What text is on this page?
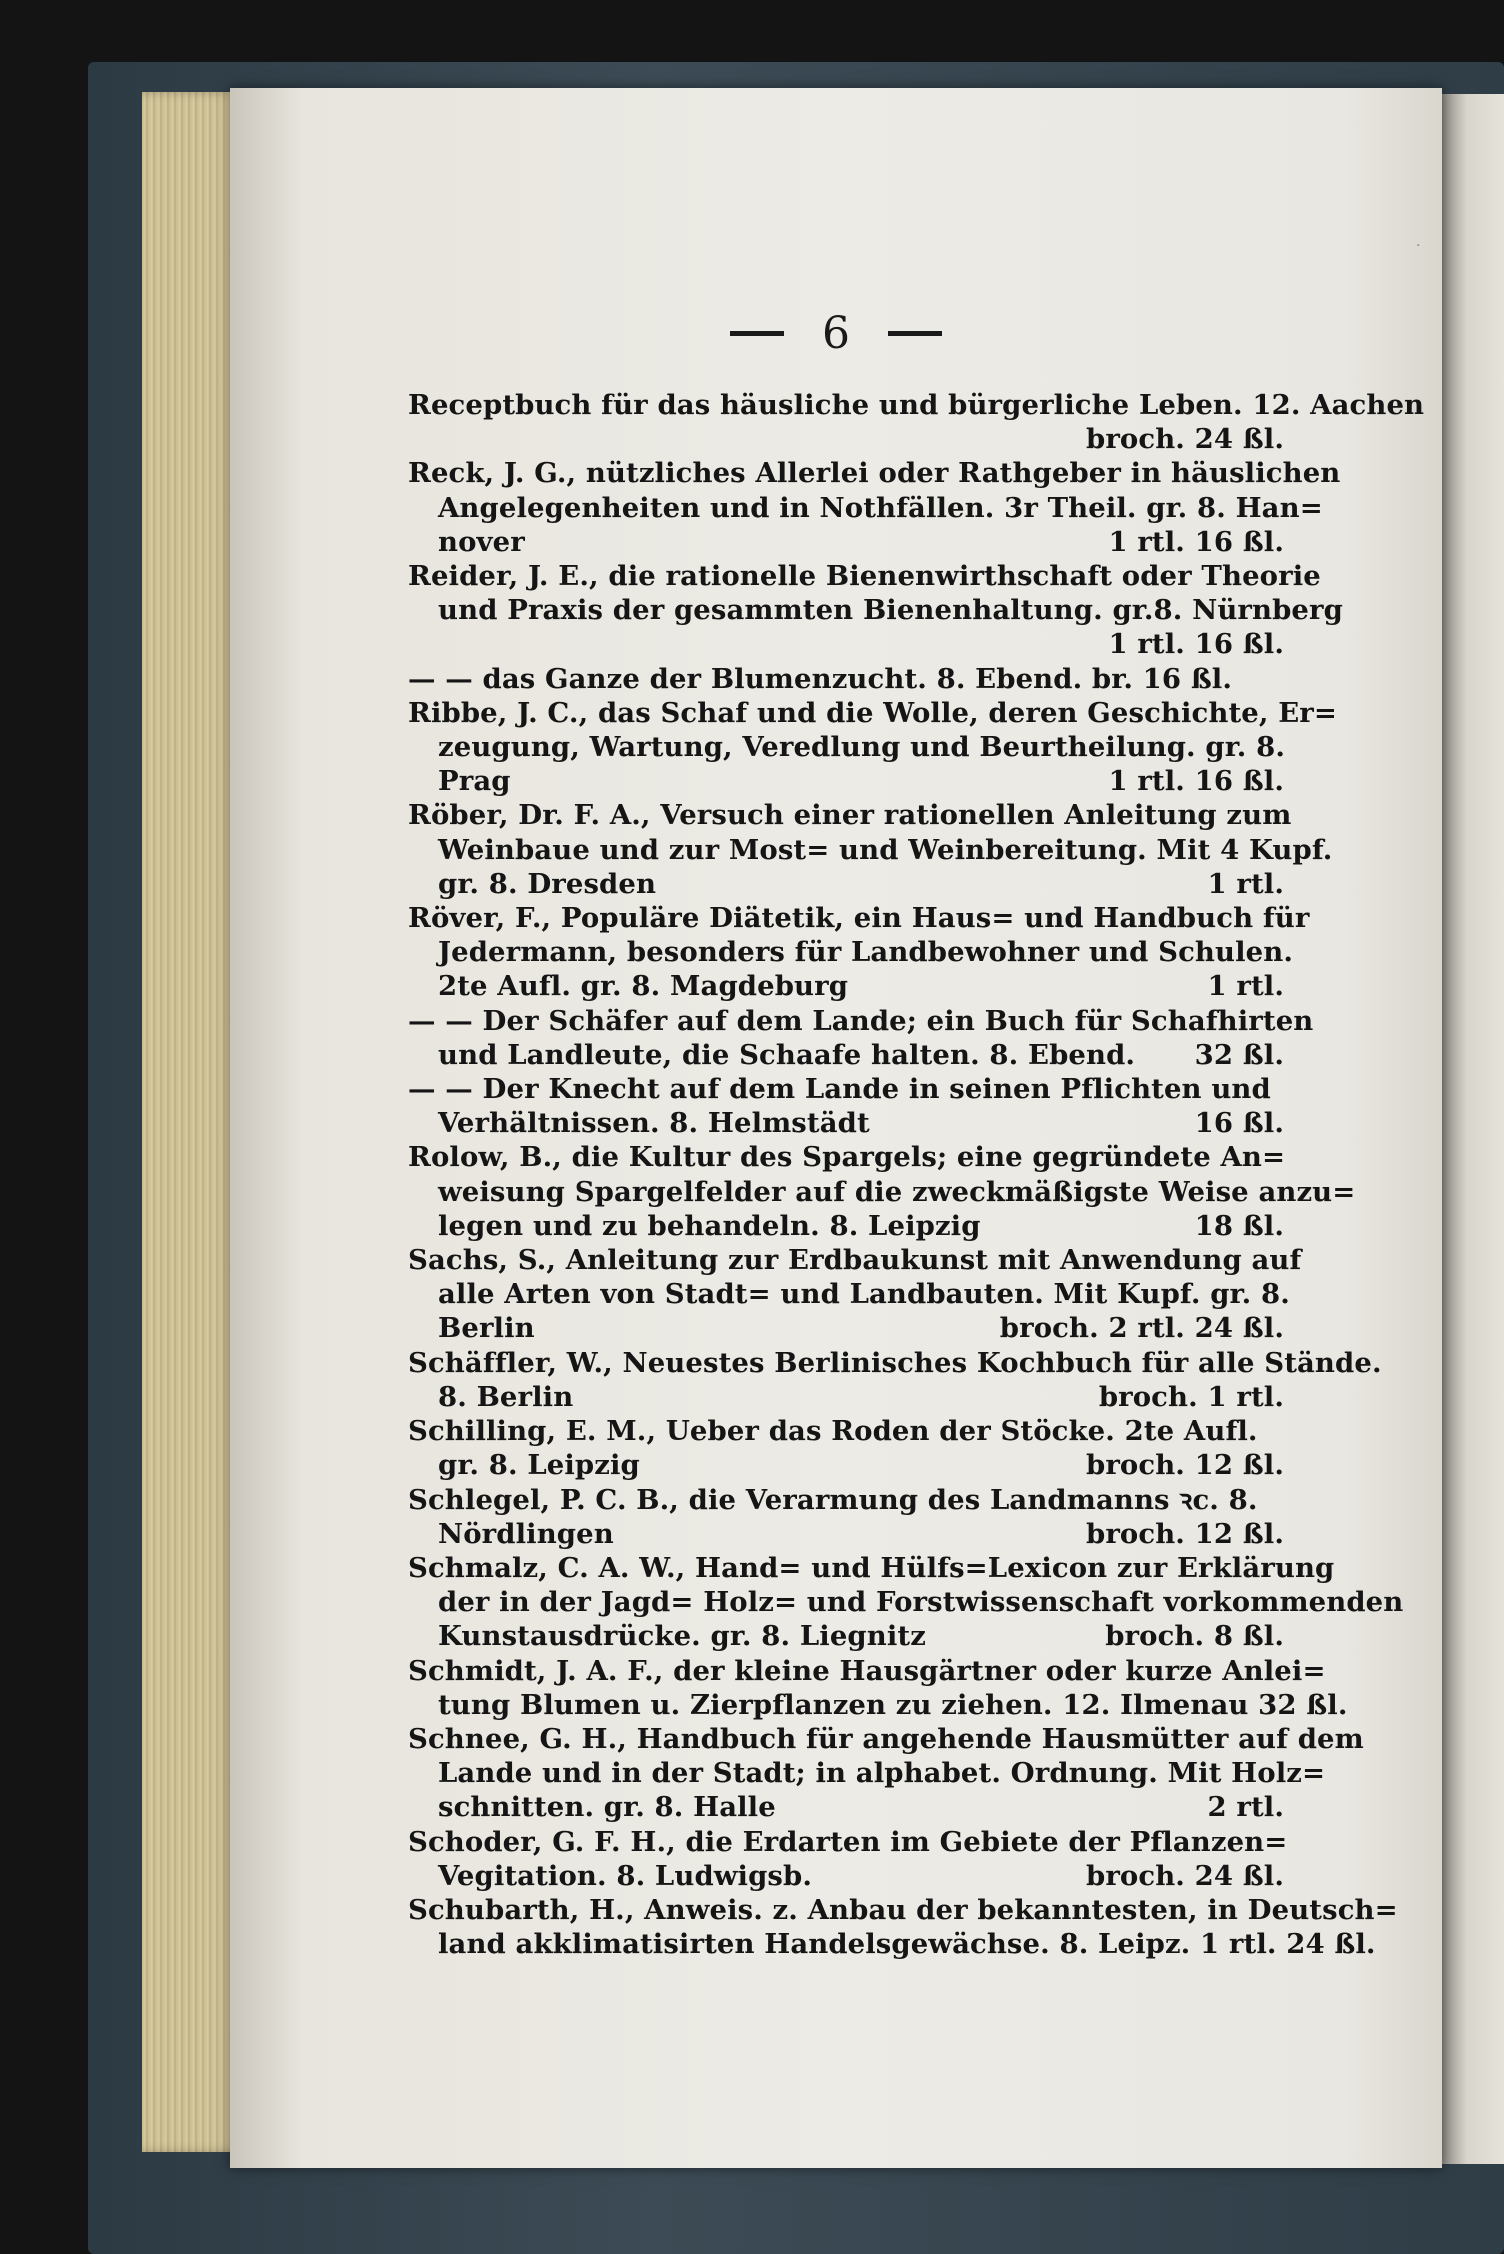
6
Receptbuch für das häusliche und bürgerliche Leben. 12. Aachen
broch. 24 ßl.
Reck, J. G., nützliches Allerlei oder Rathgeber in häuslichen
Angelegenheiten und in Nothfällen. 3r Theil. gr. 8. Han=
nover	1 rtl. 16 ßl.
Reider, J. E., die rationelle Bienenwirthschaft oder Theorie
und Praxis der gesammten Bienenhaltung. gr.8. Nürnberg
1 rtl. 16 ßl.
— — das Ganze der Blumenzucht. 8. Ebend. br. 16 ßl.
Ribbe, J. C., das Schaf und die Wolle, deren Geschichte, Er=
zeugung, Wartung, Veredlung und Beurtheilung. gr. 8.
Prag	1 rtl. 16 ßl.
Röber, Dr. F. A., Versuch einer rationellen Anleitung zum
Weinbaue und zur Most= und Weinbereitung. Mit 4 Kupf.
gr. 8. Dresden	1 rtl.
Röver, F., Populäre Diätetik, ein Haus= und Handbuch für
Jedermann, besonders für Landbewohner und Schulen.
2te Aufl. gr. 8. Magdeburg	1 rtl.
— — Der Schäfer auf dem Lande; ein Buch für Schafhirten
und Landleute, die Schaafe halten. 8. Ebend. 32 ßl.
— — Der Knecht auf dem Lande in seinen Pflichten und
Verhältnissen. 8. Helmstädt	16 ßl.
Rolow, B., die Kultur des Spargels; eine gegründete An=
weisung Spargelfelder auf die zweckmäßigste Weise anzu=
legen und zu behandeln. 8. Leipzig	18 ßl.
Sachs, S., Anleitung zur Erdbaukunst mit Anwendung auf
alle Arten von Stadt= und Landbauten. Mit Kupf. gr. 8.
Berlin	broch. 2 rtl. 24 ßl.
Schäffler, W., Neuestes Berlinisches Kochbuch für alle Stände.
8. Berlin	broch. 1 rtl.
Schilling, E. M., Ueber das Roden der Stöcke. 2te Aufl.
gr. 8. Leipzig	broch. 12 ßl.
Schlegel, P. C. B., die Verarmung des Landmanns ꝛc. 8.
Nördlingen	broch. 12 ßl.
Schmalz, C. A. W., Hand= und Hülfs=Lexicon zur Erklärung
der in der Jagd= Holz= und Forstwissenschaft vorkommenden
Kunstausdrücke. gr. 8. Liegnitz	broch. 8 ßl.
Schmidt, J. A. F., der kleine Hausgärtner oder kurze Anlei=
tung Blumen u. Zierpflanzen zu ziehen. 12. Ilmenau 32 ßl.
Schnee, G. H., Handbuch für angehende Hausmütter auf dem
Lande und in der Stadt; in alphabet. Ordnung. Mit Holz=
schnitten. gr. 8. Halle	2 rtl.
Schoder, G. F. H., die Erdarten im Gebiete der Pflanzen=
Vegitation. 8. Ludwigsb.	broch. 24 ßl.
Schubarth, H., Anweis. z. Anbau der bekanntesten, in Deutsch=
land akklimatisirten Handelsgewächse. 8. Leipz. 1 rtl. 24 ßl.
·
